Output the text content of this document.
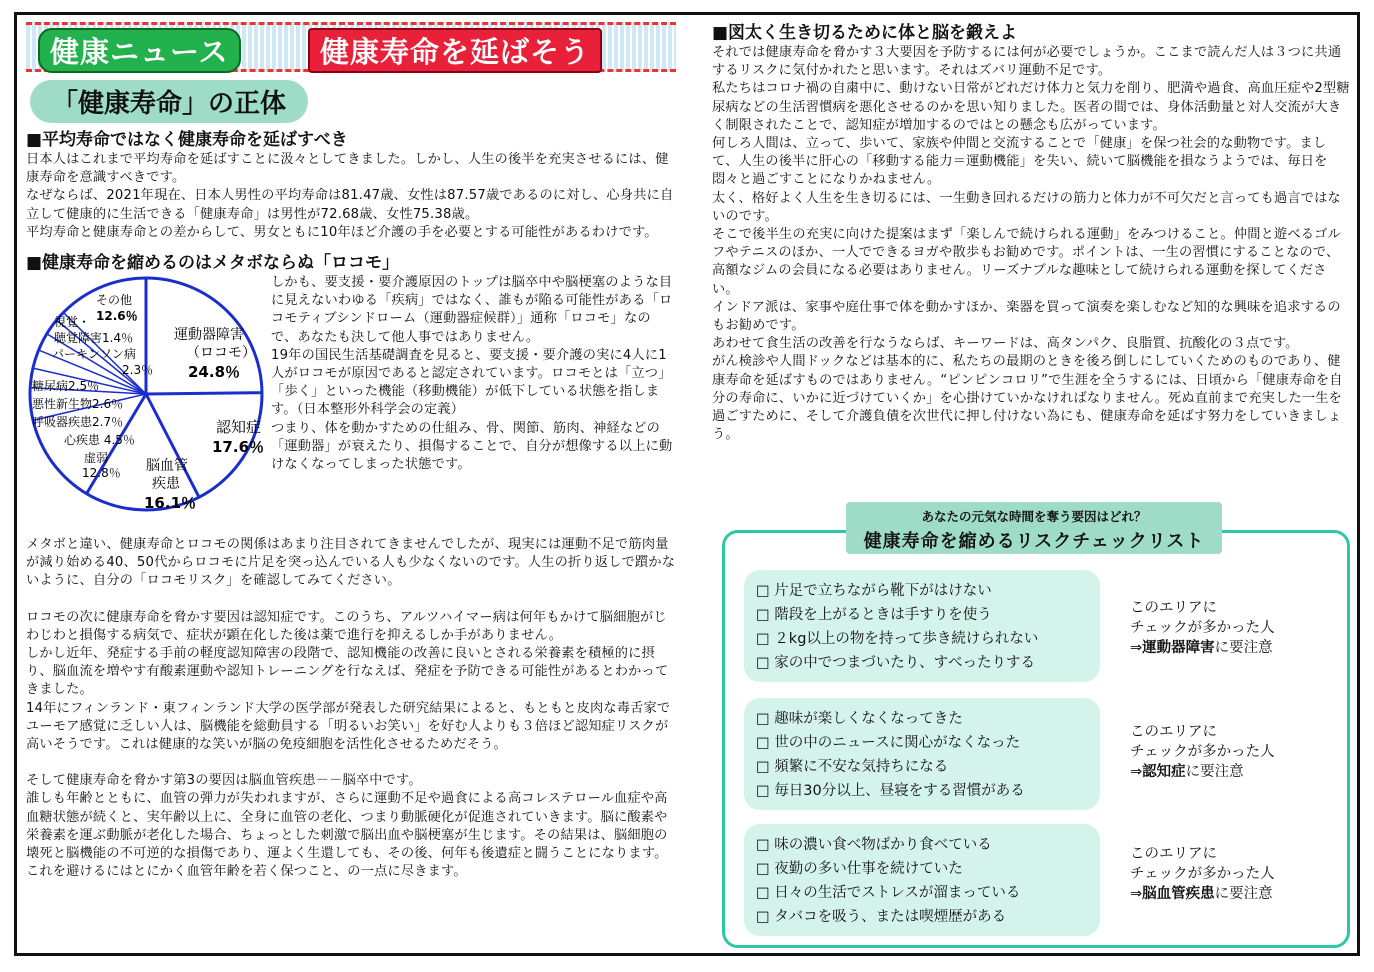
健康ニュース	健康寿命を延ばそう
「健康寿命」の正体
■平均寿命ではなく健康寿命を延ばすべき

日本人はこれまで平均寿命を延ばすことに汲々としてきました。しかし、人生の後半を充実させるには、健康寿命を意識すべきです。

なぜならば、2021年現在、日本人男性の平均寿命は81.47歳、女性は87.57歳であるのに対し、心身共に自立して健康的に生活できる「健康寿命」は男性が72.68歳、女性75.38歳。

平均寿命と健康寿命との差からして、男女ともに10年ほど介護の手を必要とする可能性があるわけです。

■健康寿命を縮めるのはメタボならぬ「ロコモ」
運動器障害
（ロコモ）
24.8％
認知症
17.6％
脳血管
疾患
16.1％
虚弱
12.8％
心疾患 4.5％
呼吸器疾患2.7％
悪性新生物2.6％
糖尿病2.5％
パーキンソン病
2.3％
視覚・
聴覚障害1.4％
その他
12.6％

しかも、要支援・要介護原因のトップは脳卒中や脳梗塞のような目に見えないわゆる「疾病」ではなく、誰もが陥る可能性がある「ロコモティブシンドローム（運動器症候群）」通称「ロコモ」なので、あなたも決して他人事ではありません。

19年の国民生活基礎調査を見ると、要支援・要介護の実に4人に1人がロコモが原因であると認定されています。ロコモとは「立つ」「歩く」といった機能（移動機能）が低下している状態を指します。（日本整形外科学会の定義）

つまり、体を動かすための仕組み、骨、関節、筋肉、神経などの「運動器」が衰えたり、損傷することで、自分が想像する以上に動けなくなってしまった状態です。

メタボと違い、健康寿命とロコモの関係はあまり注目されてきませんでしたが、現実には運動不足で筋肉量が減り始める40、50代からロコモに片足を突っ込んでいる人も少なくないのです。人生の折り返しで躓かないように、自分の「ロコモリスク」を確認してみてください。

ロコモの次に健康寿命を脅かす要因は認知症です。このうち、アルツハイマー病は何年もかけて脳細胞がじわじわと損傷する病気で、症状が顕在化した後は薬で進行を抑えるしか手がありません。

しかし近年、発症する手前の軽度認知障害の段階で、認知機能の改善に良いとされる栄養素を積極的に摂り、脳血流を増やす有酸素運動や認知トレーニングを行なえば、発症を予防できる可能性があるとわかってきました。

14年にフィンランド・東フィンランド大学の医学部が発表した研究結果によると、もともと皮肉な毒舌家でユーモア感覚に乏しい人は、脳機能を総動員する「明るいお笑い」を好む人よりも３倍ほど認知症リスクが高いそうです。これは健康的な笑いが脳の免疫細胞を活性化させるためだそう。

そして健康寿命を脅かす第3の要因は脳血管疾患－－脳卒中です。

誰しも年齢とともに、血管の弾力が失われますが、さらに運動不足や過食による高コレステロール血症や高血糖状態が続くと、実年齢以上に、全身に血管の老化、つまり動脈硬化が促進されていきます。脳に酸素や栄養素を運ぶ動脈が老化した場合、ちょっとした刺激で脳出血や脳梗塞が生じます。その結果は、脳細胞の壊死と脳機能の不可逆的な損傷であり、運よく生還しても、その後、何年も後遺症と闘うことになります。

これを避けるにはとにかく血管年齢を若く保つこと、の一点に尽きます。

■図太く生き切るために体と脳を鍛えよ

それでは健康寿命を脅かす３大要因を予防するには何が必要でしょうか。ここまで読んだ人は３つに共通するリスクに気付かれたと思います。それはズバリ運動不足です。

私たちはコロナ禍の自粛中に、動けない日常がどれだけ体力と気力を削り、肥満や過食、高血圧症や2型糖尿病などの生活習慣病を悪化させるのかを思い知りました。医者の間では、身体活動量と対人交流が大きく制限されたことで、認知症が増加するのではとの懸念も広がっています。

何しろ人間は、立って、歩いて、家族や仲間と交流することで「健康」を保つ社会的な動物です。まして、人生の後半に肝心の「移動する能力＝運動機能」を失い、続いて脳機能を損なうようでは、毎日を悶々と過ごすことになりかねません。

太く、格好よく人生を生き切るには、一生動き回れるだけの筋力と体力が不可欠だと言っても過言ではないのです。

そこで後半生の充実に向けた提案はまず「楽しんで続けられる運動」をみつけること。仲間と遊べるゴルフやテニスのほか、一人でできるヨガや散歩もお勧めです。ポイントは、一生の習慣にすることなので、高額なジムの会員になる必要はありません。リーズナブルな趣味として続けられる運動を探してください。

インドア派は、家事や庭仕事で体を動かすほか、楽器を買って演奏を楽しむなど知的な興味を追求するのもお勧めです。

あわせて食生活の改善を行なうならば、キーワードは、高タンパク、良脂質、抗酸化の３点です。

がん検診や人間ドックなどは基本的に、私たちの最期のときを後ろ倒しにしていくためのものであり、健康寿命を延ばすものではありません。“ピンピンコロリ”で生涯を全うするには、日頃から「健康寿命を自分の寿命に、いかに近づけていくか」を心掛けていかなければなりません。死ぬ直前まで充実した一生を過ごすために、そして介護負債を次世代に押し付けない為にも、健康寿命を延ばす努力をしていきましょう。

あなたの元気な時間を奪う要因はどれ？
健康寿命を縮めるリスクチェックリスト
□ 片足で立ちながら靴下がはけない
□ 階段を上がるときは手すりを使う
□ ２kg以上の物を持って歩き続けられない
□ 家の中でつまづいたり、すべったりする
このエリアに
チェックが多かった人
⇒運動器障害に要注意
□ 趣味が楽しくなくなってきた
□ 世の中のニュースに関心がなくなった
□ 頻繁に不安な気持ちになる
□ 毎日30分以上、昼寝をする習慣がある
このエリアに
チェックが多かった人
⇒認知症に要注意
□ 味の濃い食べ物ばかり食べている
□ 夜勤の多い仕事を続けていた
□ 日々の生活でストレスが溜まっている
□ タバコを吸う、または喫煙歴がある
このエリアに
チェックが多かった人
⇒脳血管疾患に要注意
